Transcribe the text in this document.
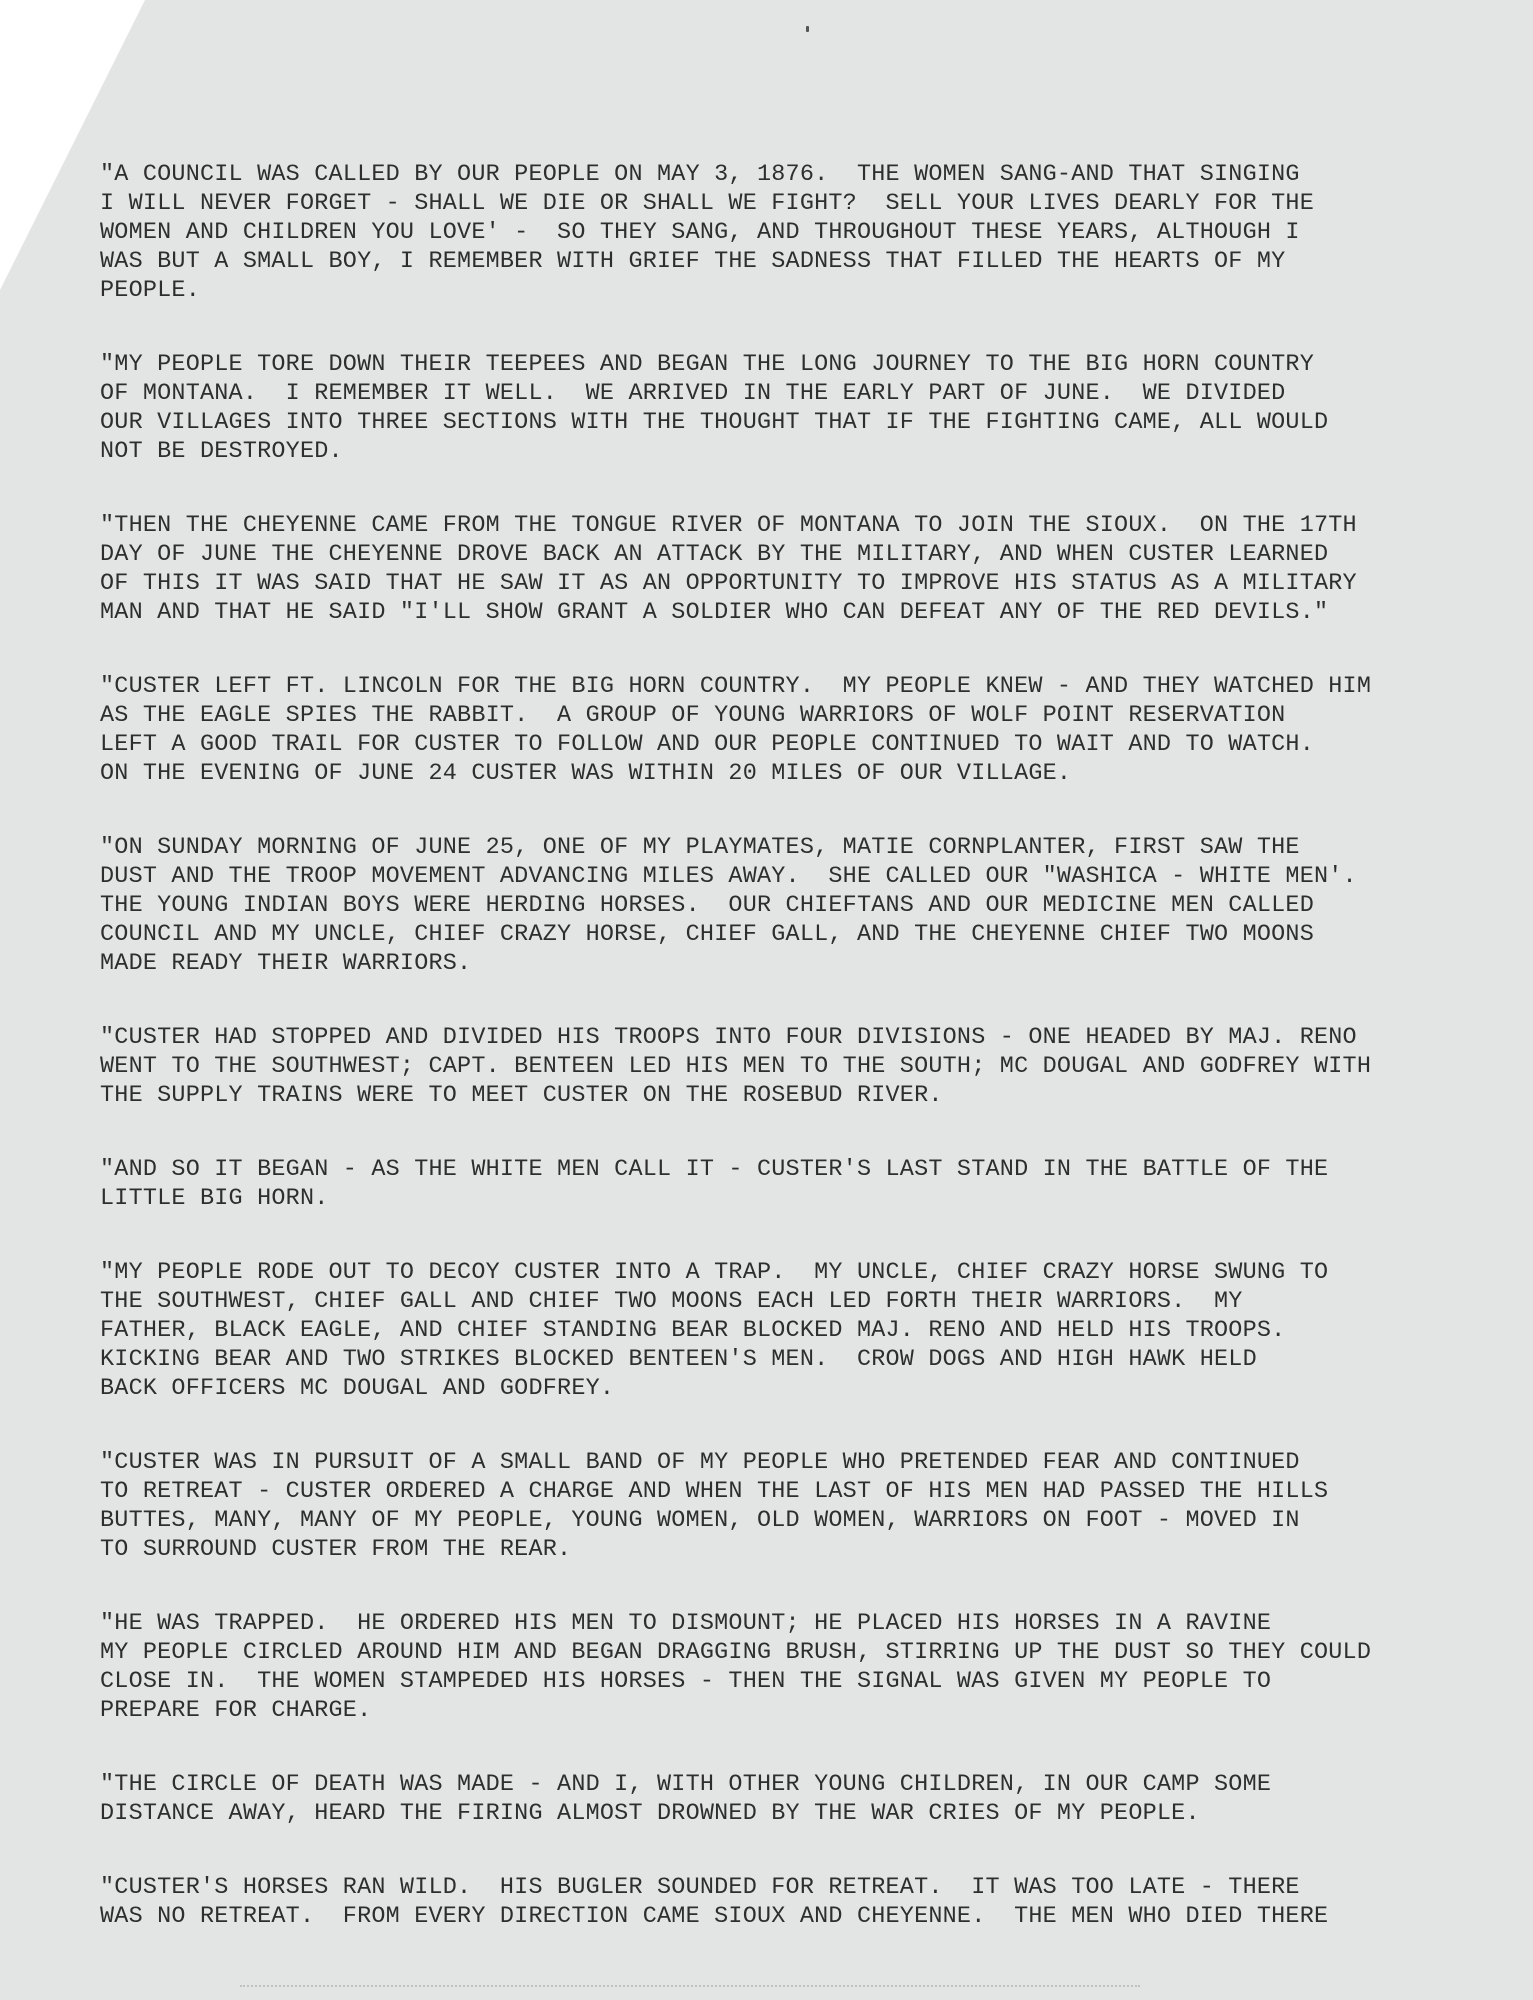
"A COUNCIL WAS CALLED BY OUR PEOPLE ON MAY 3, 1876.  THE WOMEN SANG-AND THAT SINGING
I WILL NEVER FORGET - SHALL WE DIE OR SHALL WE FIGHT?  SELL YOUR LIVES DEARLY FOR THE
WOMEN AND CHILDREN YOU LOVE' -  SO THEY SANG, AND THROUGHOUT THESE YEARS, ALTHOUGH I
WAS BUT A SMALL BOY, I REMEMBER WITH GRIEF THE SADNESS THAT FILLED THE HEARTS OF MY
PEOPLE.
"MY PEOPLE TORE DOWN THEIR TEEPEES AND BEGAN THE LONG JOURNEY TO THE BIG HORN COUNTRY
OF MONTANA.  I REMEMBER IT WELL.  WE ARRIVED IN THE EARLY PART OF JUNE.  WE DIVIDED
OUR VILLAGES INTO THREE SECTIONS WITH THE THOUGHT THAT IF THE FIGHTING CAME, ALL WOULD
NOT BE DESTROYED.
"THEN THE CHEYENNE CAME FROM THE TONGUE RIVER OF MONTANA TO JOIN THE SIOUX.  ON THE 17TH
DAY OF JUNE THE CHEYENNE DROVE BACK AN ATTACK BY THE MILITARY, AND WHEN CUSTER LEARNED
OF THIS IT WAS SAID THAT HE SAW IT AS AN OPPORTUNITY TO IMPROVE HIS STATUS AS A MILITARY
MAN AND THAT HE SAID "I'LL SHOW GRANT A SOLDIER WHO CAN DEFEAT ANY OF THE RED DEVILS."
"CUSTER LEFT FT. LINCOLN FOR THE BIG HORN COUNTRY.  MY PEOPLE KNEW - AND THEY WATCHED HIM
AS THE EAGLE SPIES THE RABBIT.  A GROUP OF YOUNG WARRIORS OF WOLF POINT RESERVATION
LEFT A GOOD TRAIL FOR CUSTER TO FOLLOW AND OUR PEOPLE CONTINUED TO WAIT AND TO WATCH.
ON THE EVENING OF JUNE 24 CUSTER WAS WITHIN 20 MILES OF OUR VILLAGE.
"ON SUNDAY MORNING OF JUNE 25, ONE OF MY PLAYMATES, MATIE CORNPLANTER, FIRST SAW THE
DUST AND THE TROOP MOVEMENT ADVANCING MILES AWAY.  SHE CALLED OUR "WASHICA - WHITE MEN'.
THE YOUNG INDIAN BOYS WERE HERDING HORSES.  OUR CHIEFTANS AND OUR MEDICINE MEN CALLED
COUNCIL AND MY UNCLE, CHIEF CRAZY HORSE, CHIEF GALL, AND THE CHEYENNE CHIEF TWO MOONS
MADE READY THEIR WARRIORS.
"CUSTER HAD STOPPED AND DIVIDED HIS TROOPS INTO FOUR DIVISIONS - ONE HEADED BY MAJ. RENO
WENT TO THE SOUTHWEST; CAPT. BENTEEN LED HIS MEN TO THE SOUTH; MC DOUGAL AND GODFREY WITH
THE SUPPLY TRAINS WERE TO MEET CUSTER ON THE ROSEBUD RIVER.
"AND SO IT BEGAN - AS THE WHITE MEN CALL IT - CUSTER'S LAST STAND IN THE BATTLE OF THE
LITTLE BIG HORN.
"MY PEOPLE RODE OUT TO DECOY CUSTER INTO A TRAP.  MY UNCLE, CHIEF CRAZY HORSE SWUNG TO
THE SOUTHWEST, CHIEF GALL AND CHIEF TWO MOONS EACH LED FORTH THEIR WARRIORS.  MY
FATHER, BLACK EAGLE, AND CHIEF STANDING BEAR BLOCKED MAJ. RENO AND HELD HIS TROOPS.
KICKING BEAR AND TWO STRIKES BLOCKED BENTEEN'S MEN.  CROW DOGS AND HIGH HAWK HELD
BACK OFFICERS MC DOUGAL AND GODFREY.
"CUSTER WAS IN PURSUIT OF A SMALL BAND OF MY PEOPLE WHO PRETENDED FEAR AND CONTINUED
TO RETREAT - CUSTER ORDERED A CHARGE AND WHEN THE LAST OF HIS MEN HAD PASSED THE HILLS
BUTTES, MANY, MANY OF MY PEOPLE, YOUNG WOMEN, OLD WOMEN, WARRIORS ON FOOT - MOVED IN
TO SURROUND CUSTER FROM THE REAR.
"HE WAS TRAPPED.  HE ORDERED HIS MEN TO DISMOUNT; HE PLACED HIS HORSES IN A RAVINE
MY PEOPLE CIRCLED AROUND HIM AND BEGAN DRAGGING BRUSH, STIRRING UP THE DUST SO THEY COULD
CLOSE IN.  THE WOMEN STAMPEDED HIS HORSES - THEN THE SIGNAL WAS GIVEN MY PEOPLE TO
PREPARE FOR CHARGE.
"THE CIRCLE OF DEATH WAS MADE - AND I, WITH OTHER YOUNG CHILDREN, IN OUR CAMP SOME
DISTANCE AWAY, HEARD THE FIRING ALMOST DROWNED BY THE WAR CRIES OF MY PEOPLE.
"CUSTER'S HORSES RAN WILD.  HIS BUGLER SOUNDED FOR RETREAT.  IT WAS TOO LATE - THERE
WAS NO RETREAT.  FROM EVERY DIRECTION CAME SIOUX AND CHEYENNE.  THE MEN WHO DIED THERE
